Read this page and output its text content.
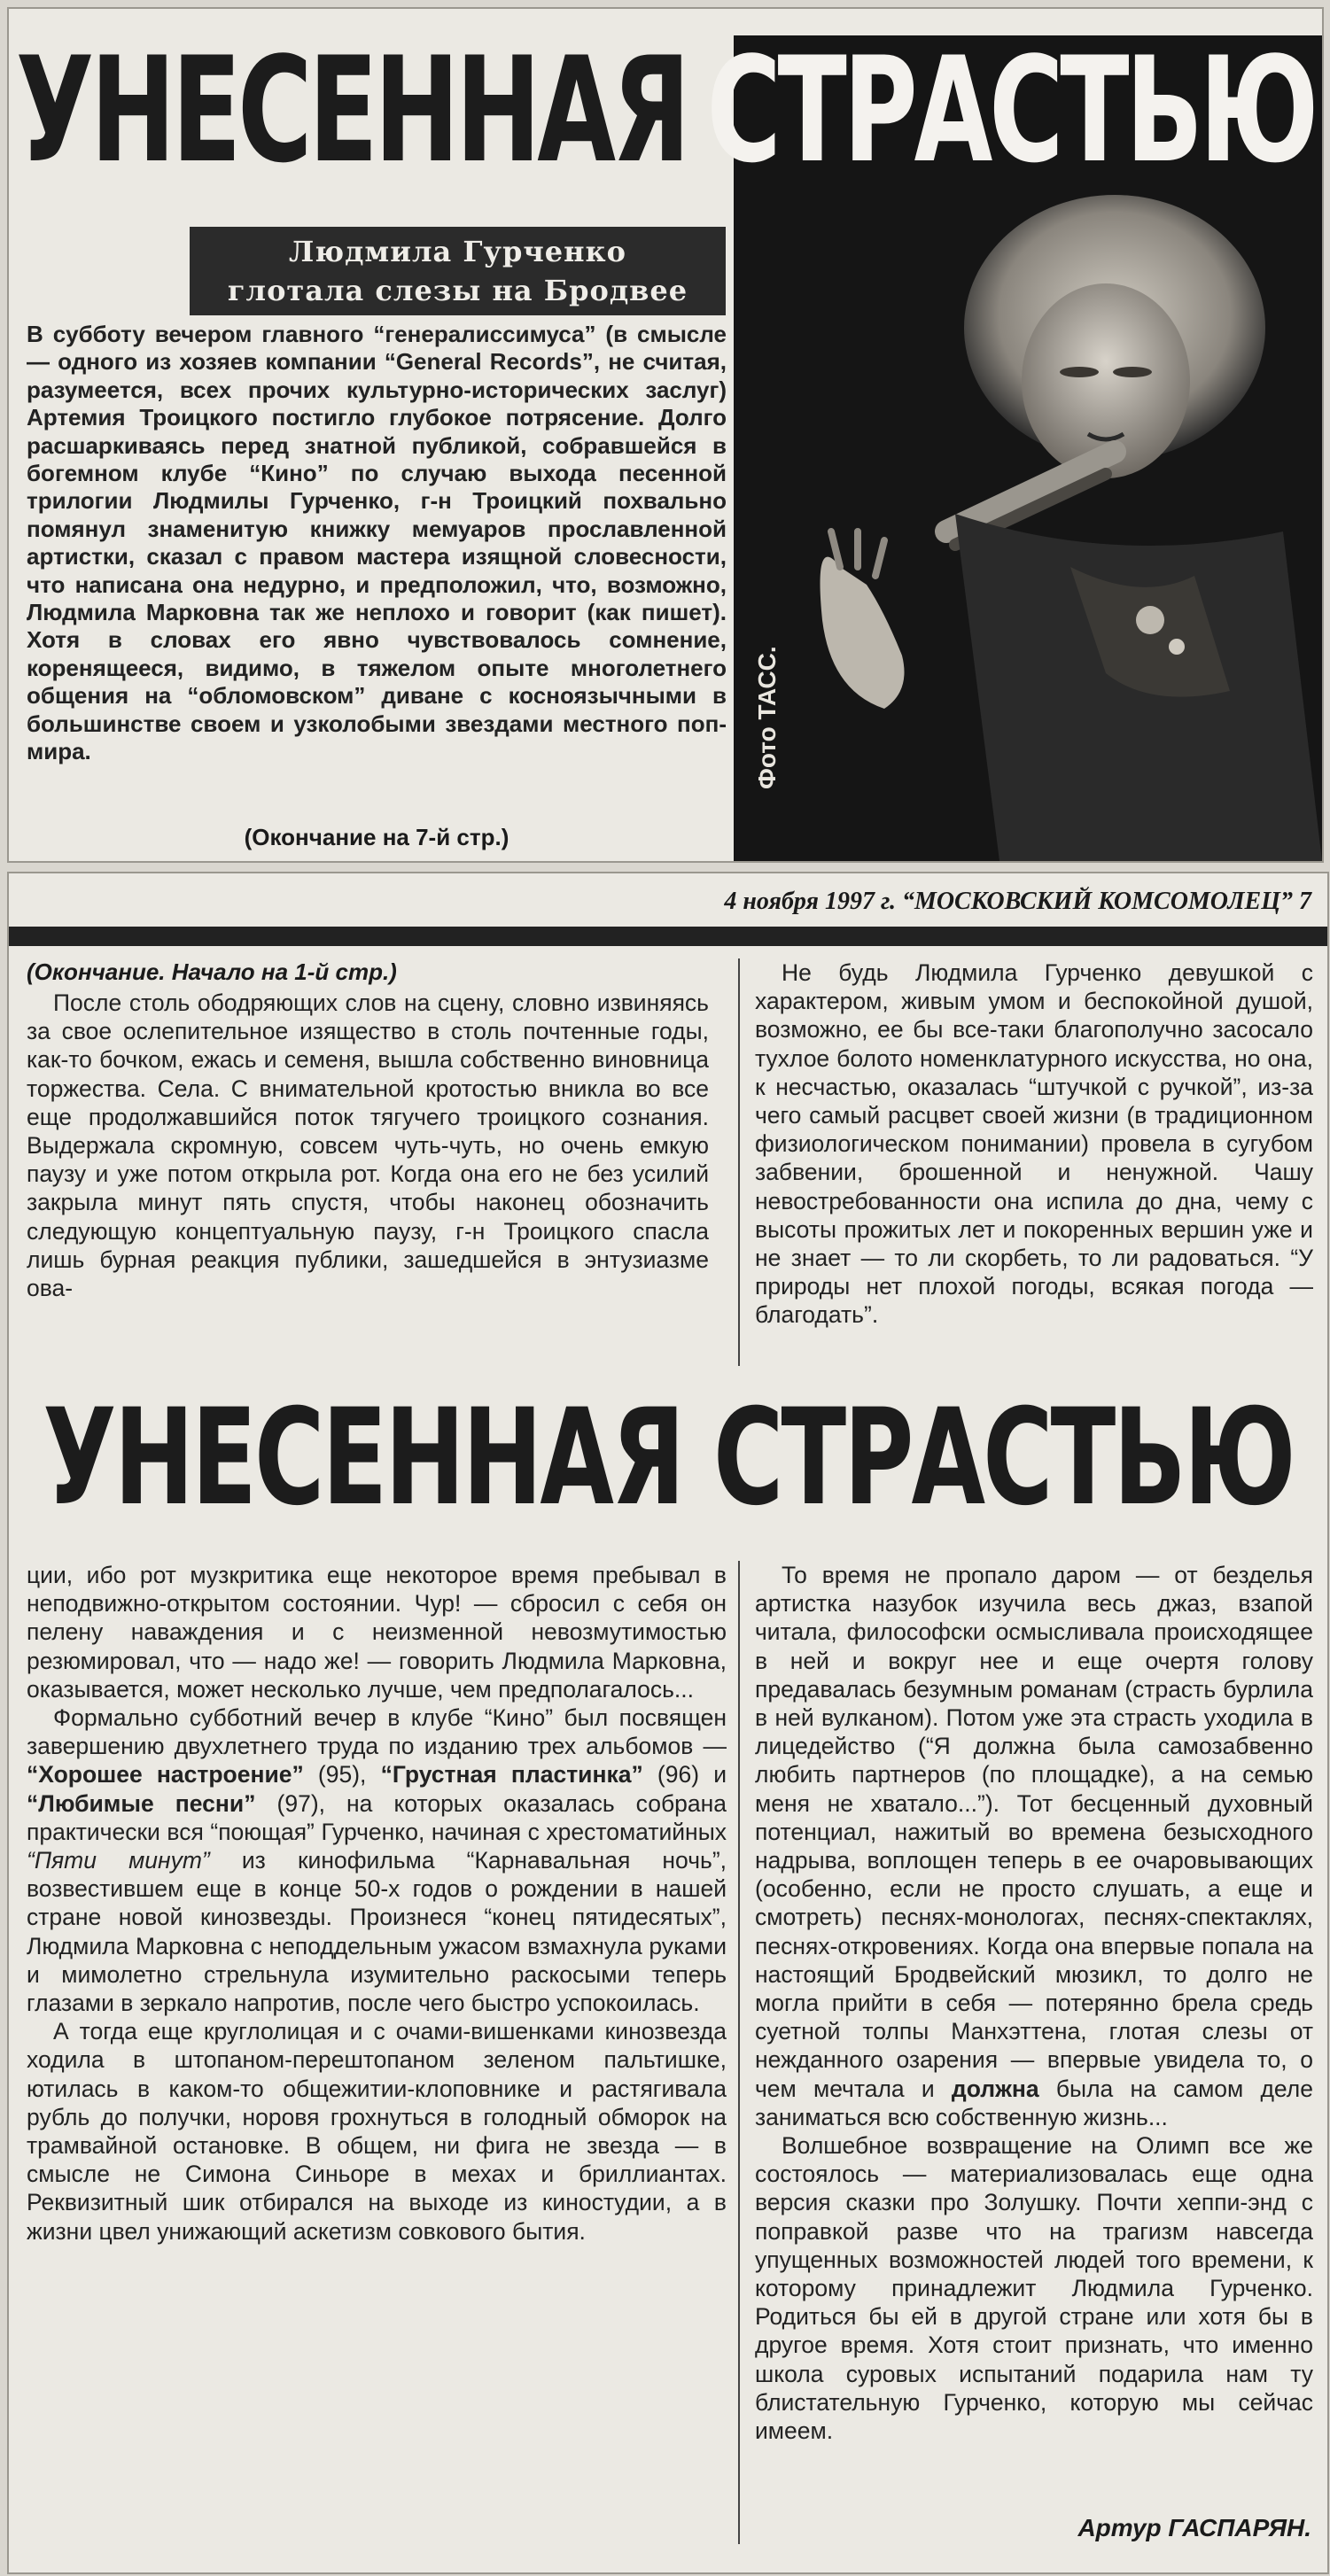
УНЕСЕННАЯ СТРАСТЬЮ
Фото ТАСС.
Людмила Гурченко
глотала слезы на Бродвее

В субботу вечером главного “генералиссимуса” (в смысле — одного из хозяев компании “General Records”, не считая, разумеется, всех прочих культурно-исторических заслуг) Артемия Троицкого постигло глубокое потрясение. Долго расшаркиваясь перед знатной публикой, собравшейся в богемном клубе “Кино” по случаю выхода песенной трилогии Людмилы Гурченко, г-н Троицкий похвально помянул знаменитую книжку мемуаров прославленной артистки, сказал с правом мастера изящной словесности, что написана она недурно, и предположил, что, возможно, Людмила Марковна так же неплохо и говорит (как пишет). Хотя в словах его явно чувствовалось сомнение, коренящееся, видимо, в тяжелом опыте многолетнего общения на “обломовском” диване с косноязычными в большинстве своем и узколобыми звездами местного поп-мира.

(Окончание на 7-й стр.)

4 ноября 1997 г. “МОСКОВСКИЙ КОМСОМОЛЕЦ” 7

(Окончание. Начало на 1-й стр.)

После столь ободряющих слов на сцену, словно извиняясь за свое ослепительное изящество в столь почтенные годы, как-то бочком, ежась и семеня, вышла собственно виновница торжества. Села. С внимательной кротостью вникла во все еще продолжавшийся поток тягучего троицкого сознания. Выдержала скромную, совсем чуть-чуть, но очень емкую паузу и уже потом открыла рот. Когда она его не без усилий закрыла минут пять спустя, чтобы наконец обозначить следующую концептуальную паузу, г-н Троицкого спасла лишь бурная реакция публики, зашедшейся в энтузиазме ова-

Не будь Людмила Гурченко девушкой с характером, живым умом и беспокойной душой, возможно, ее бы все-таки благополучно засосало тухлое болото номенклатурного искусства, но она, к несчастью, оказалась “штучкой с ручкой”, из-за чего самый расцвет своей жизни (в традиционном физиологическом понимании) провела в сугубом забвении, брошенной и ненужной. Чашу невостребованности она испила до дна, чему с высоты прожитых лет и покоренных вершин уже и не знает — то ли скорбеть, то ли радоваться. “У природы нет плохой погоды, всякая погода — благодать”.

УНЕСЕННАЯ СТРАСТЬЮ

ции, ибо рот музкритика еще некоторое время пребывал в неподвижно-открытом состоянии. Чур! — сбросил с себя он пелену наваждения и с неизменной невозмутимостью резюмировал, что — надо же! — говорить Людмила Марковна, оказывается, может несколько лучше, чем предполагалось...

Формально субботний вечер в клубе “Кино” был посвящен завершению двухлетнего труда по изданию трех альбомов — “Хорошее настроение” (95), “Грустная пластинка” (96) и “Любимые песни” (97), на которых оказалась собрана практически вся “поющая” Гурченко, начиная с хрестоматийных “Пяти минут” из кинофильма “Карнавальная ночь”, возвестившем еще в конце 50-х годов о рождении в нашей стране новой кинозвезды. Произнеся “конец пятидесятых”, Людмила Марковна с неподдельным ужасом взмахнула руками и мимолетно стрельнула изумительно раскосыми теперь глазами в зеркало напротив, после чего быстро успокоилась.

А тогда еще круглолицая и с очами-вишенками кинозвезда ходила в штопаном-перештопаном зеленом пальтишке, ютилась в каком-то общежитии-клоповнике и растягивала рубль до получки, норовя грохнуться в голодный обморок на трамвайной остановке. В общем, ни фига не звезда — в смысле не Симона Синьоре в мехах и бриллиантах. Реквизитный шик отбирался на выходе из киностудии, а в жизни цвел унижающий аскетизм совкового бытия.

То время не пропало даром — от безделья артистка назубок изучила весь джаз, взапой читала, философски осмысливала происходящее в ней и вокруг нее и еще очертя голову предавалась безумным романам (страсть бурлила в ней вулканом). Потом уже эта страсть уходила в лицедейство (“Я должна была самозабвенно любить партнеров (по площадке), а на семью меня не хватало...”). Тот бесценный духовный потенциал, нажитый во времена безысходного надрыва, воплощен теперь в ее очаровывающих (особенно, если не просто слушать, а еще и смотреть) песнях-монологах, песнях-спектаклях, песнях-откровениях. Когда она впервые попала на настоящий Бродвейский мюзикл, то долго не могла прийти в себя — потерянно брела средь суетной толпы Манхэттена, глотая слезы от нежданного озарения — впервые увидела то, о чем мечтала и должна была на самом деле заниматься всю собственную жизнь...

Волшебное возвращение на Олимп все же состоялось — материализовалась еще одна версия сказки про Золушку. Почти хеппи-энд с поправкой разве что на трагизм навсегда упущенных возможностей людей того времени, к которому принадлежит Людмила Гурченко. Родиться бы ей в другой стране или хотя бы в другое время. Хотя стоит признать, что именно школа суровых испытаний подарила нам ту блистательную Гурченко, которую мы сейчас имеем.

Артур ГАСПАРЯН.
